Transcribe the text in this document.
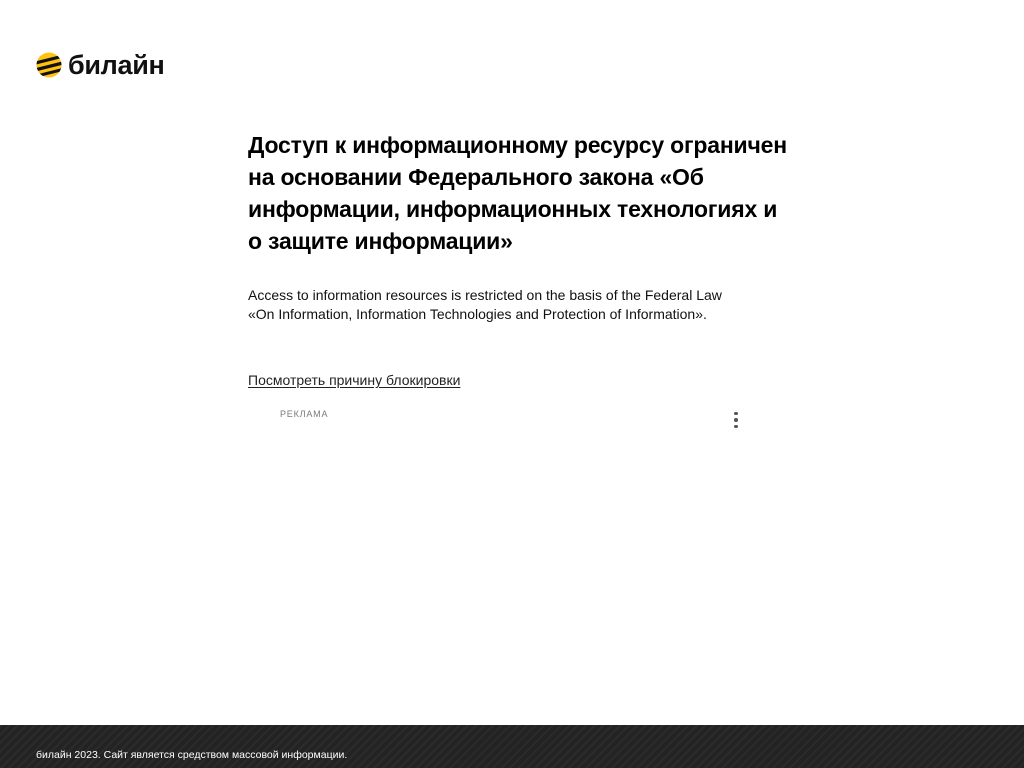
билайн
Доступ к информационному ресурсу ограничен на основании Федерального закона «Об информации, информационных технологиях и о защите информации»

Access to information resources is restricted on the basis of the Federal Law
«On Information, Information Technologies and Protection of Information».

Посмотреть причину блокировки
РЕКЛАМА
билайн 2023. Сайт является средством массовой информации.
